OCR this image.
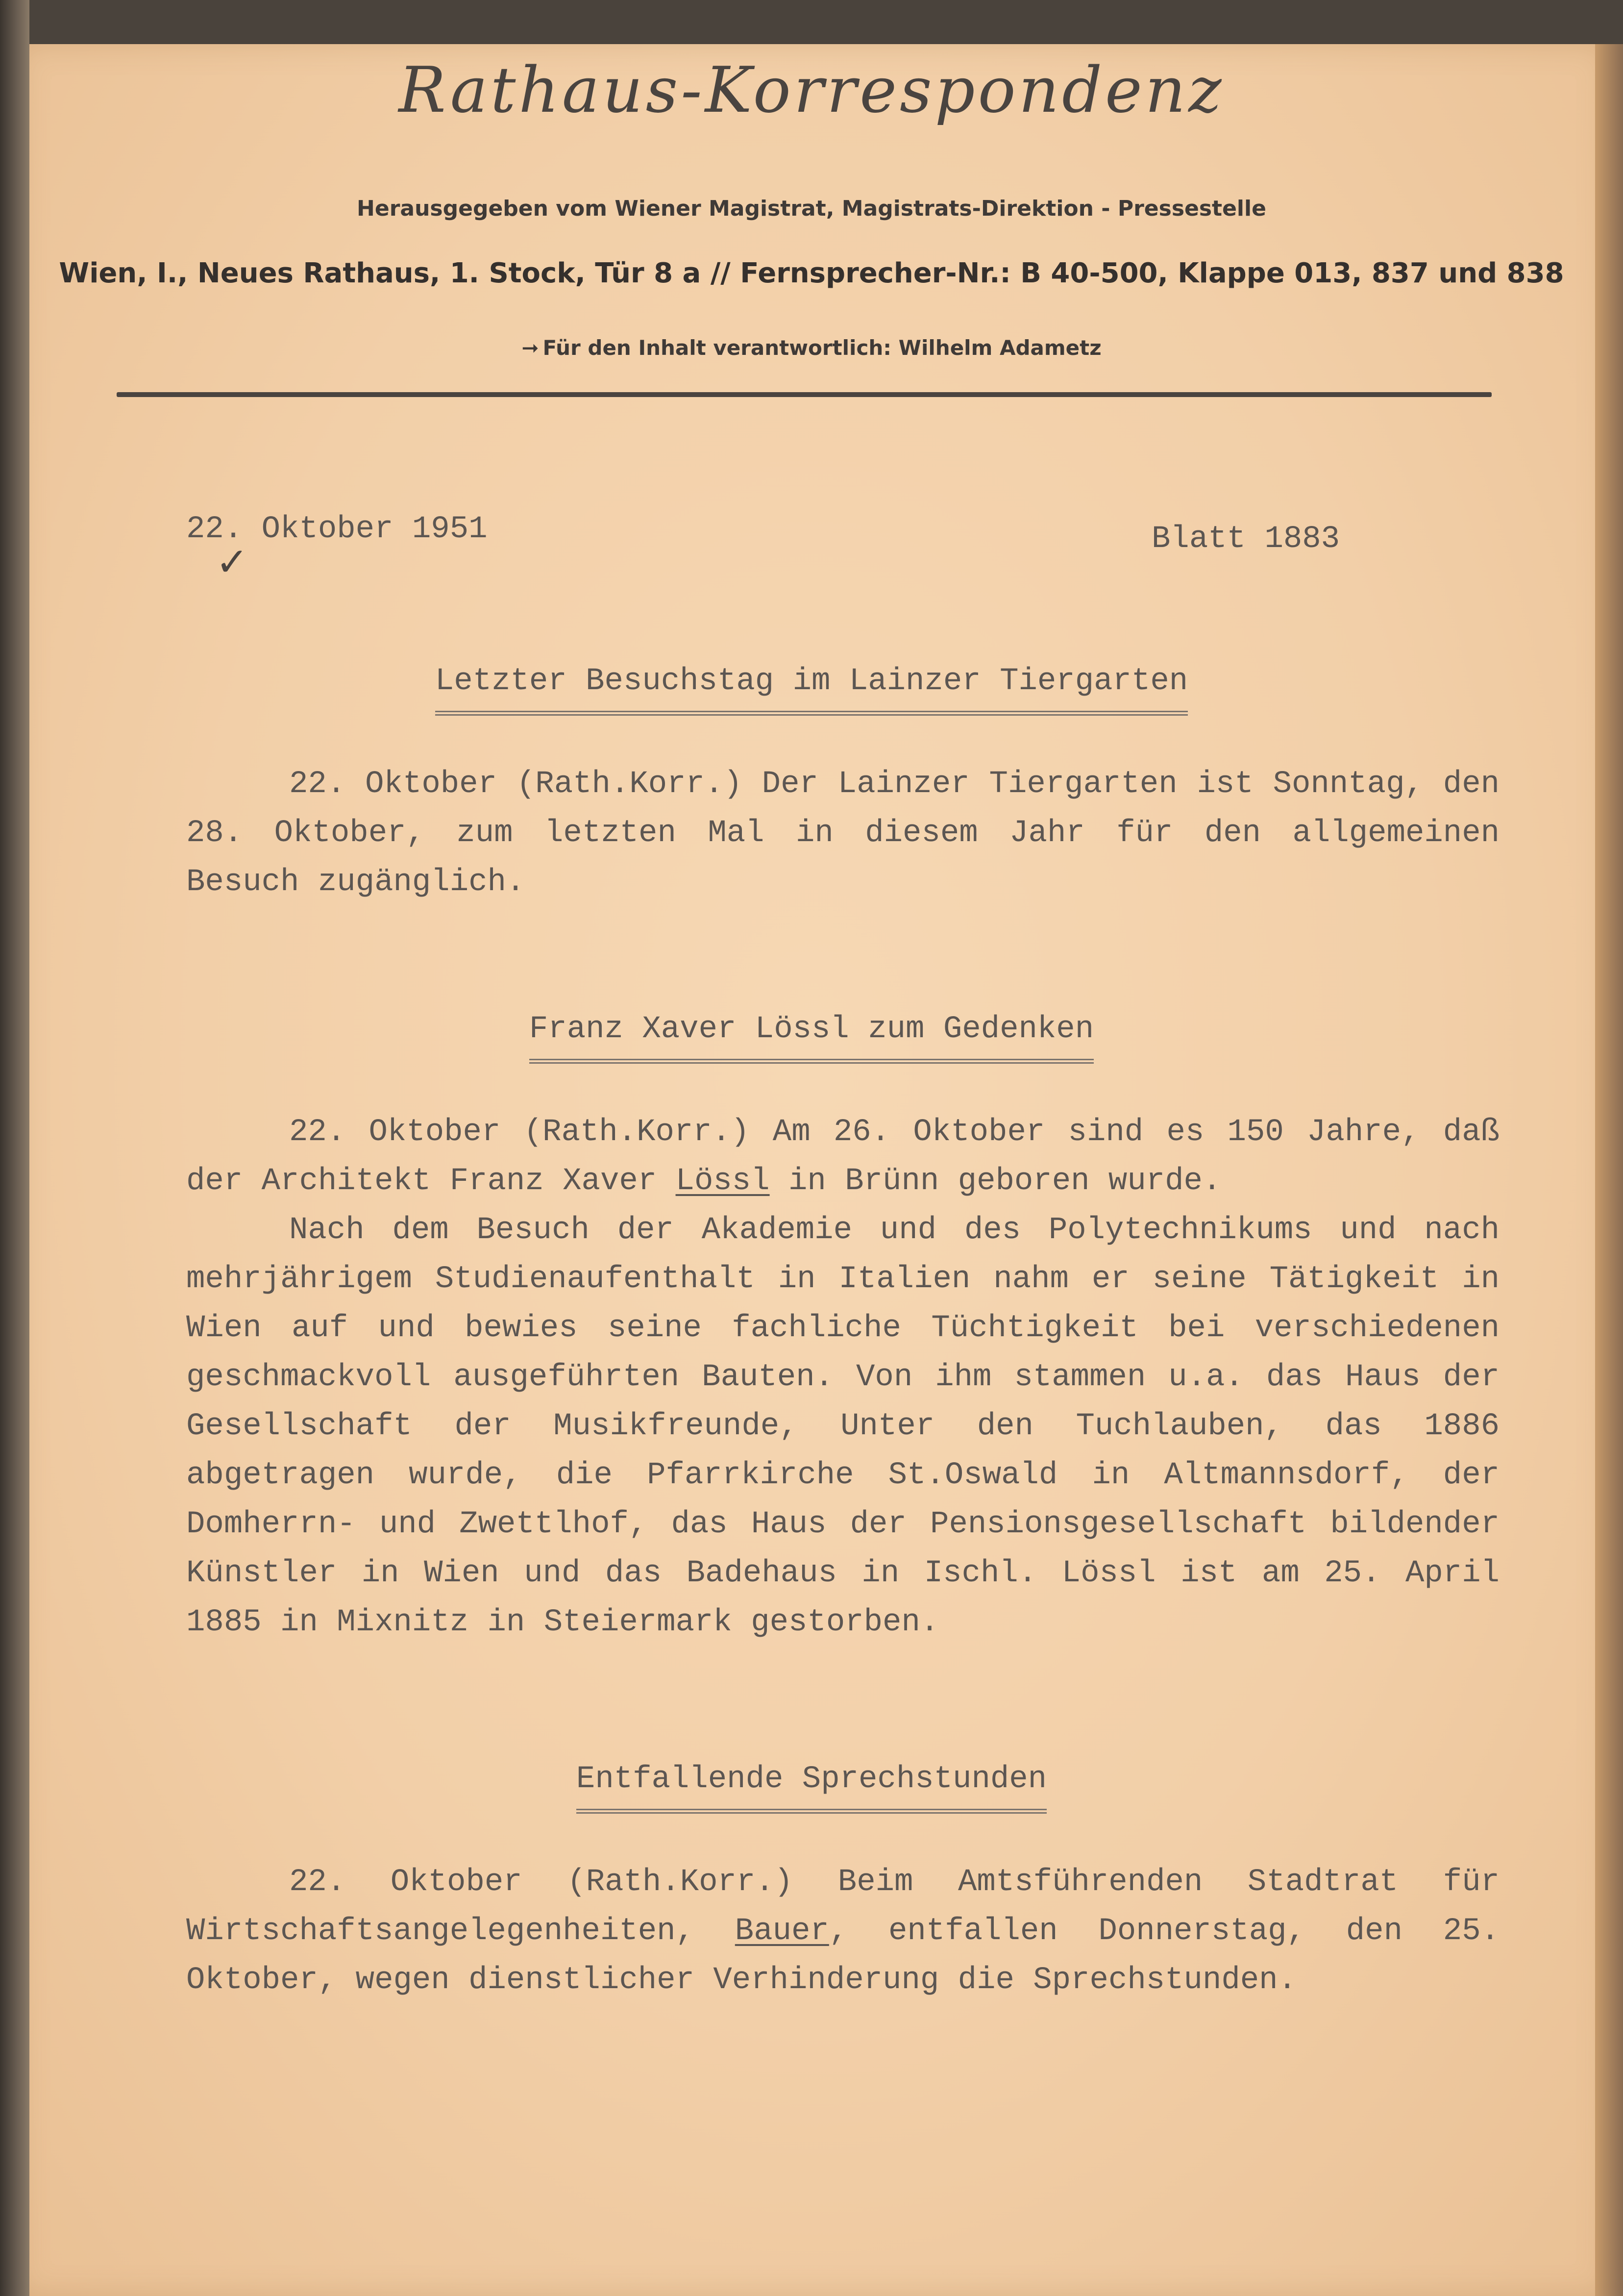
Rathaus-Korrespondenz
Herausgegeben vom Wiener Magistrat, Magistrats-Direktion - Pressestelle
Wien, I., Neues Rathaus, 1. Stock, Tür 8 a // Fernsprecher-Nr.: B 40-500, Klappe 013, 837 und 838
➞ Für den Inhalt verantwortlich: Wilhelm Adametz
22. Oktober 1951
✓	Blatt 1883
Letzter Besuchstag im Lainzer Tiergarten
22. Oktober (Rath.Korr.) Der Lainzer Tiergarten ist Sonntag, den 28. Oktober, zum letzten Mal in diesem Jahr für den allgemeinen Besuch zugänglich.
Franz Xaver Lössl zum Gedenken
22. Oktober (Rath.Korr.) Am 26. Oktober sind es 150 Jahre, daß der Architekt Franz Xaver Lössl in Brünn geboren wurde.
Nach dem Besuch der Akademie und des Polytechnikums und nach mehrjährigem Studienaufenthalt in Italien nahm er seine Tätigkeit in Wien auf und bewies seine fachliche Tüchtigkeit bei verschiedenen geschmackvoll ausgeführten Bauten. Von ihm stammen u.a. das Haus der Gesellschaft der Musikfreunde, Unter den Tuchlauben, das 1886 abgetragen wurde, die Pfarrkirche St.Oswald in Altmannsdorf, der Domherrn- und Zwettlhof, das Haus der Pensionsgesellschaft bildender Künstler in Wien und das Badehaus in Ischl. Lössl ist am 25. April 1885 in Mixnitz in Steiermark gestorben.
Entfallende Sprechstunden
22. Oktober (Rath.Korr.) Beim Amtsführenden Stadtrat für Wirtschaftsangelegenheiten, Bauer, entfallen Donnerstag, den 25. Oktober, wegen dienstlicher Verhinderung die Sprechstunden.
